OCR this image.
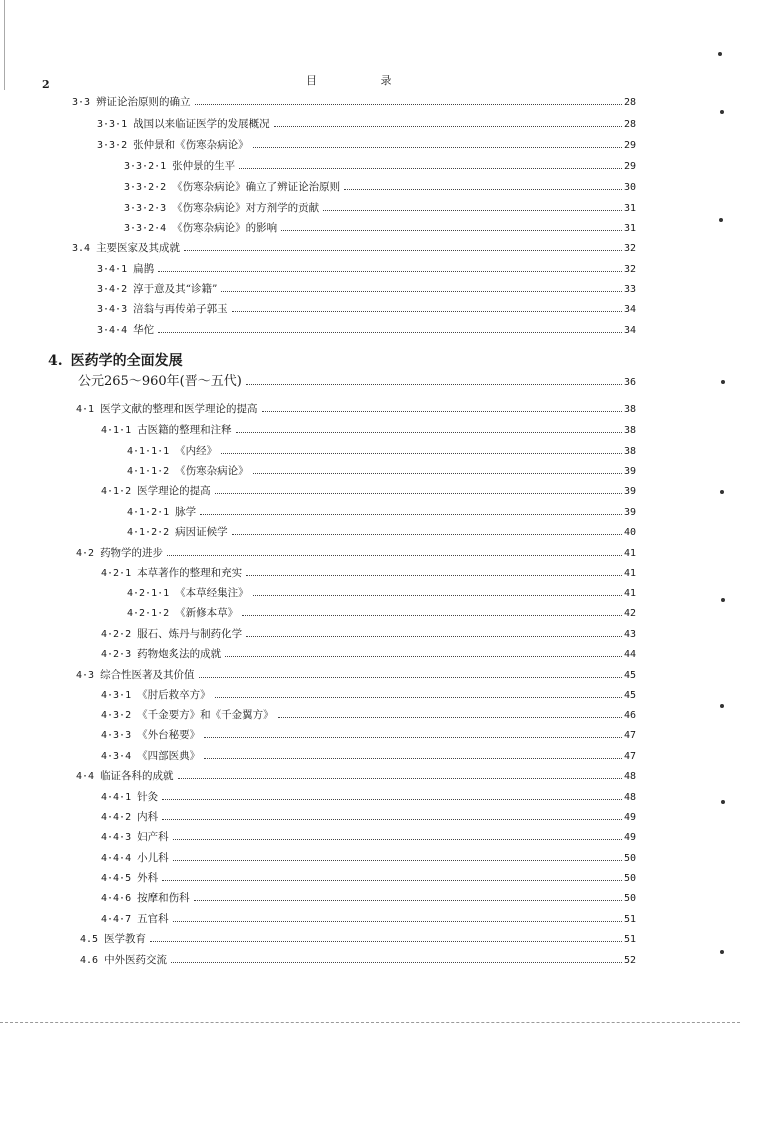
2	目 录
3·3 辨证论治原则的确立	28
3·3·1 战国以来临证医学的发展概况	28
3·3·2 张仲景和《伤寒杂病论》	29
3·3·2·1 张仲景的生平	29
3·3·2·2 《伤寒杂病论》确立了辨证论治原则	30
3·3·2·3 《伤寒杂病论》对方剂学的贡献	31
3·3·2·4 《伤寒杂病论》的影响	31
3.4 主要医家及其成就	32
3·4·1 扁鹊	32
3·4·2 淳于意及其“诊籍”	33
3·4·3 涪翁与再传弟子郭玉	34
3·4·4 华佗	34
4. 医药学的全面发展
公元265～960年(晋～五代)	36
4·1 医学文献的整理和医学理论的提高	38
4·1·1 古医籍的整理和注释	38
4·1·1·1 《内经》	38
4·1·1·2 《伤寒杂病论》	39
4·1·2 医学理论的提高	39
4·1·2·1 脉学	39
4·1·2·2 病因证候学	40
4·2 药物学的进步	41
4·2·1 本草著作的整理和充实	41
4·2·1·1 《本草经集注》	41
4·2·1·2 《新修本草》	42
4·2·2 服石、炼丹与制药化学	43
4·2·3 药物炮炙法的成就	44
4·3 综合性医著及其价值	45
4·3·1 《肘后救卒方》	45
4·3·2 《千金要方》和《千金翼方》	46
4·3·3 《外台秘要》	47
4·3·4 《四部医典》	47
4·4 临证各科的成就	48
4·4·1 针灸	48
4·4·2 内科	49
4·4·3 妇产科	49
4·4·4 小儿科	50
4·4·5 外科	50
4·4·6 按摩和伤科	50
4·4·7 五官科	51
4.5 医学教育	51
4.6 中外医药交流	52
